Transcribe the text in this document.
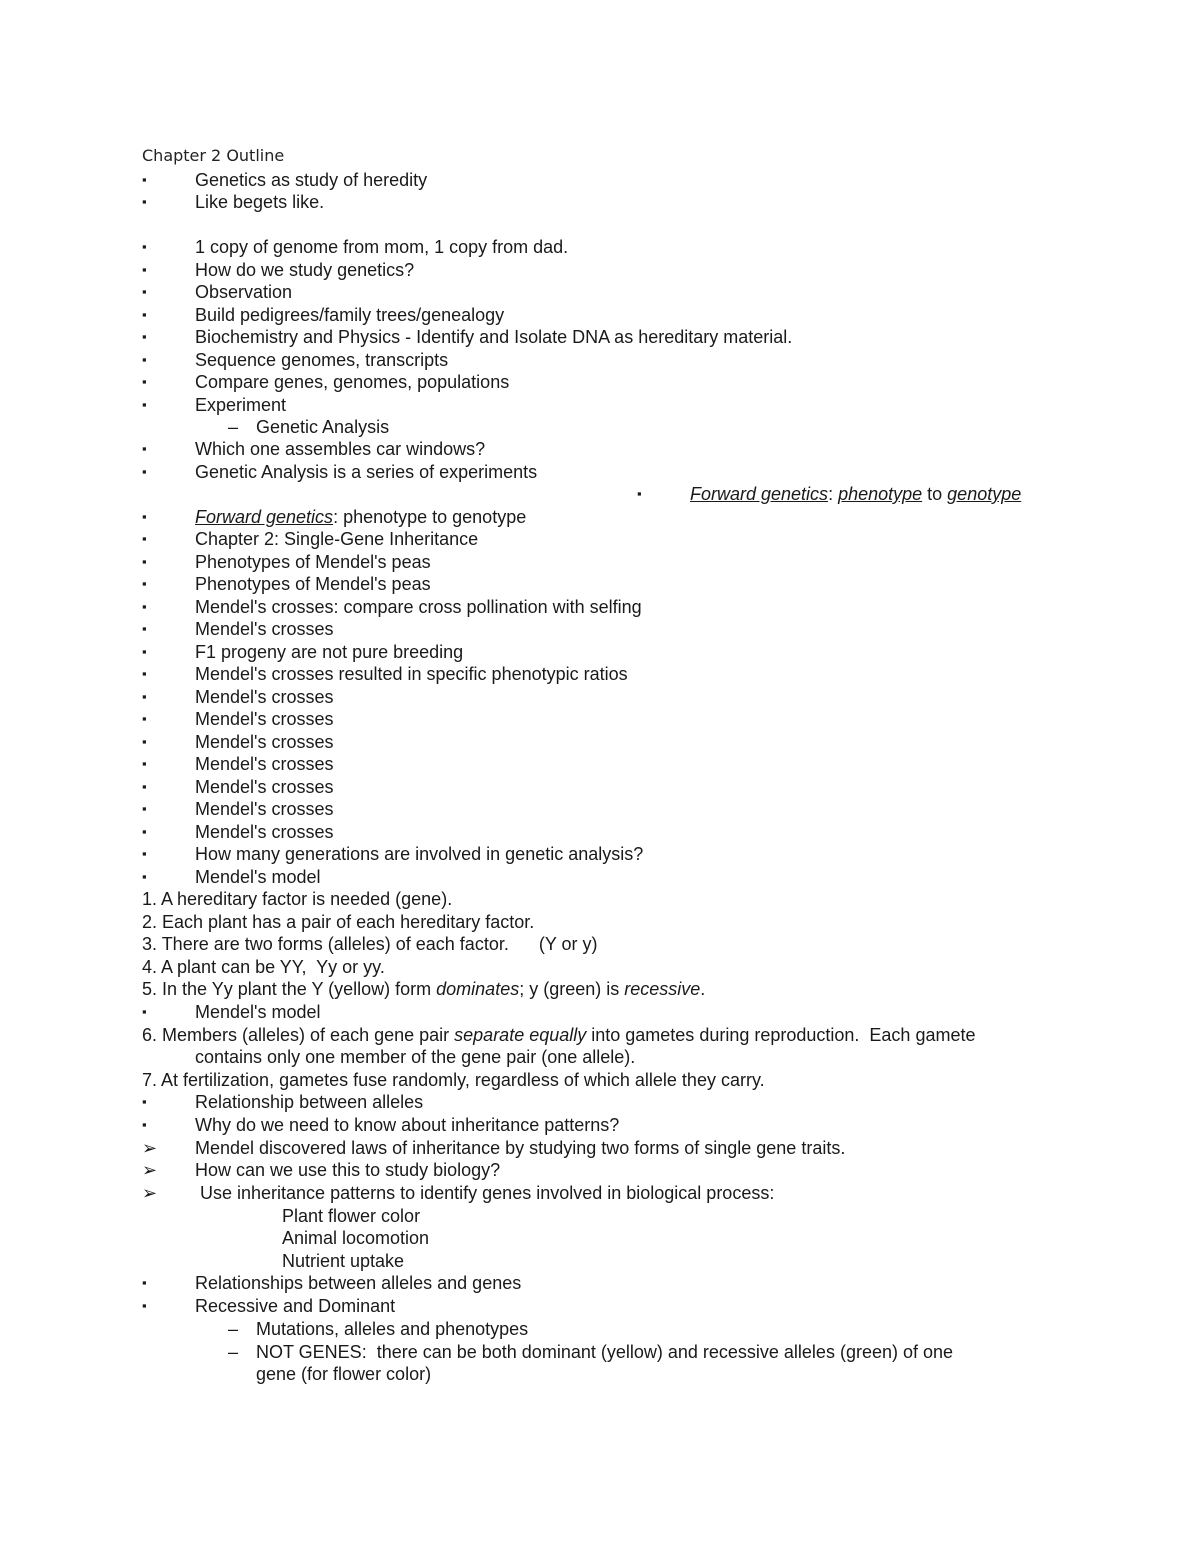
Chapter 2 Outline
▪	Genetics as study of heredity
▪	Like begets like.
▪	1 copy of genome from mom, 1 copy from dad.
▪	How do we study genetics?
▪	Observation
▪	Build pedigrees/family trees/genealogy
▪	Biochemistry and Physics - Identify and Isolate DNA as hereditary material.
▪	Sequence genomes, transcripts
▪	Compare genes, genomes, populations
▪	Experiment
– Genetic Analysis
▪	Which one assembles car windows?
▪	Genetic Analysis is a series of experiments
▪	Forward genetics: phenotype to genotype
▪	Forward genetics: phenotype to genotype
▪	Chapter 2: Single-Gene Inheritance
▪	Phenotypes of Mendel's peas
▪	Phenotypes of Mendel's peas
▪	Mendel's crosses: compare cross pollination with selfing
▪	Mendel's crosses
▪	F1 progeny are not pure breeding
▪	Mendel's crosses resulted in specific phenotypic ratios
▪	Mendel's crosses
▪	Mendel's crosses
▪	Mendel's crosses
▪	Mendel's crosses
▪	Mendel's crosses
▪	Mendel's crosses
▪	Mendel's crosses
▪	How many generations are involved in genetic analysis?
▪	Mendel's model
1. A hereditary factor is needed (gene).
2. Each plant has a pair of each hereditary factor.
3. There are two forms (alleles) of each factor.      (Y or y)
4. A plant can be YY,  Yy or yy.
5. In the Yy plant the Y (yellow) form dominates; y (green) is recessive.
▪	Mendel's model
6. Members (alleles) of each gene pair separate equally into gametes during reproduction.  Each gamete
contains only one member of the gene pair (one allele).
7. At fertilization, gametes fuse randomly, regardless of which allele they carry.
▪	Relationship between alleles
▪	Why do we need to know about inheritance patterns?
➢ Mendel discovered laws of inheritance by studying two forms of single gene traits.
➢ How can we use this to study biology?
➢ Use inheritance patterns to identify genes involved in biological process:
Plant flower color
Animal locomotion
Nutrient uptake
▪	Relationships between alleles and genes
▪	Recessive and Dominant
– Mutations, alleles and phenotypes
– NOT GENES:  there can be both dominant (yellow) and recessive alleles (green) of one
gene (for flower color)
